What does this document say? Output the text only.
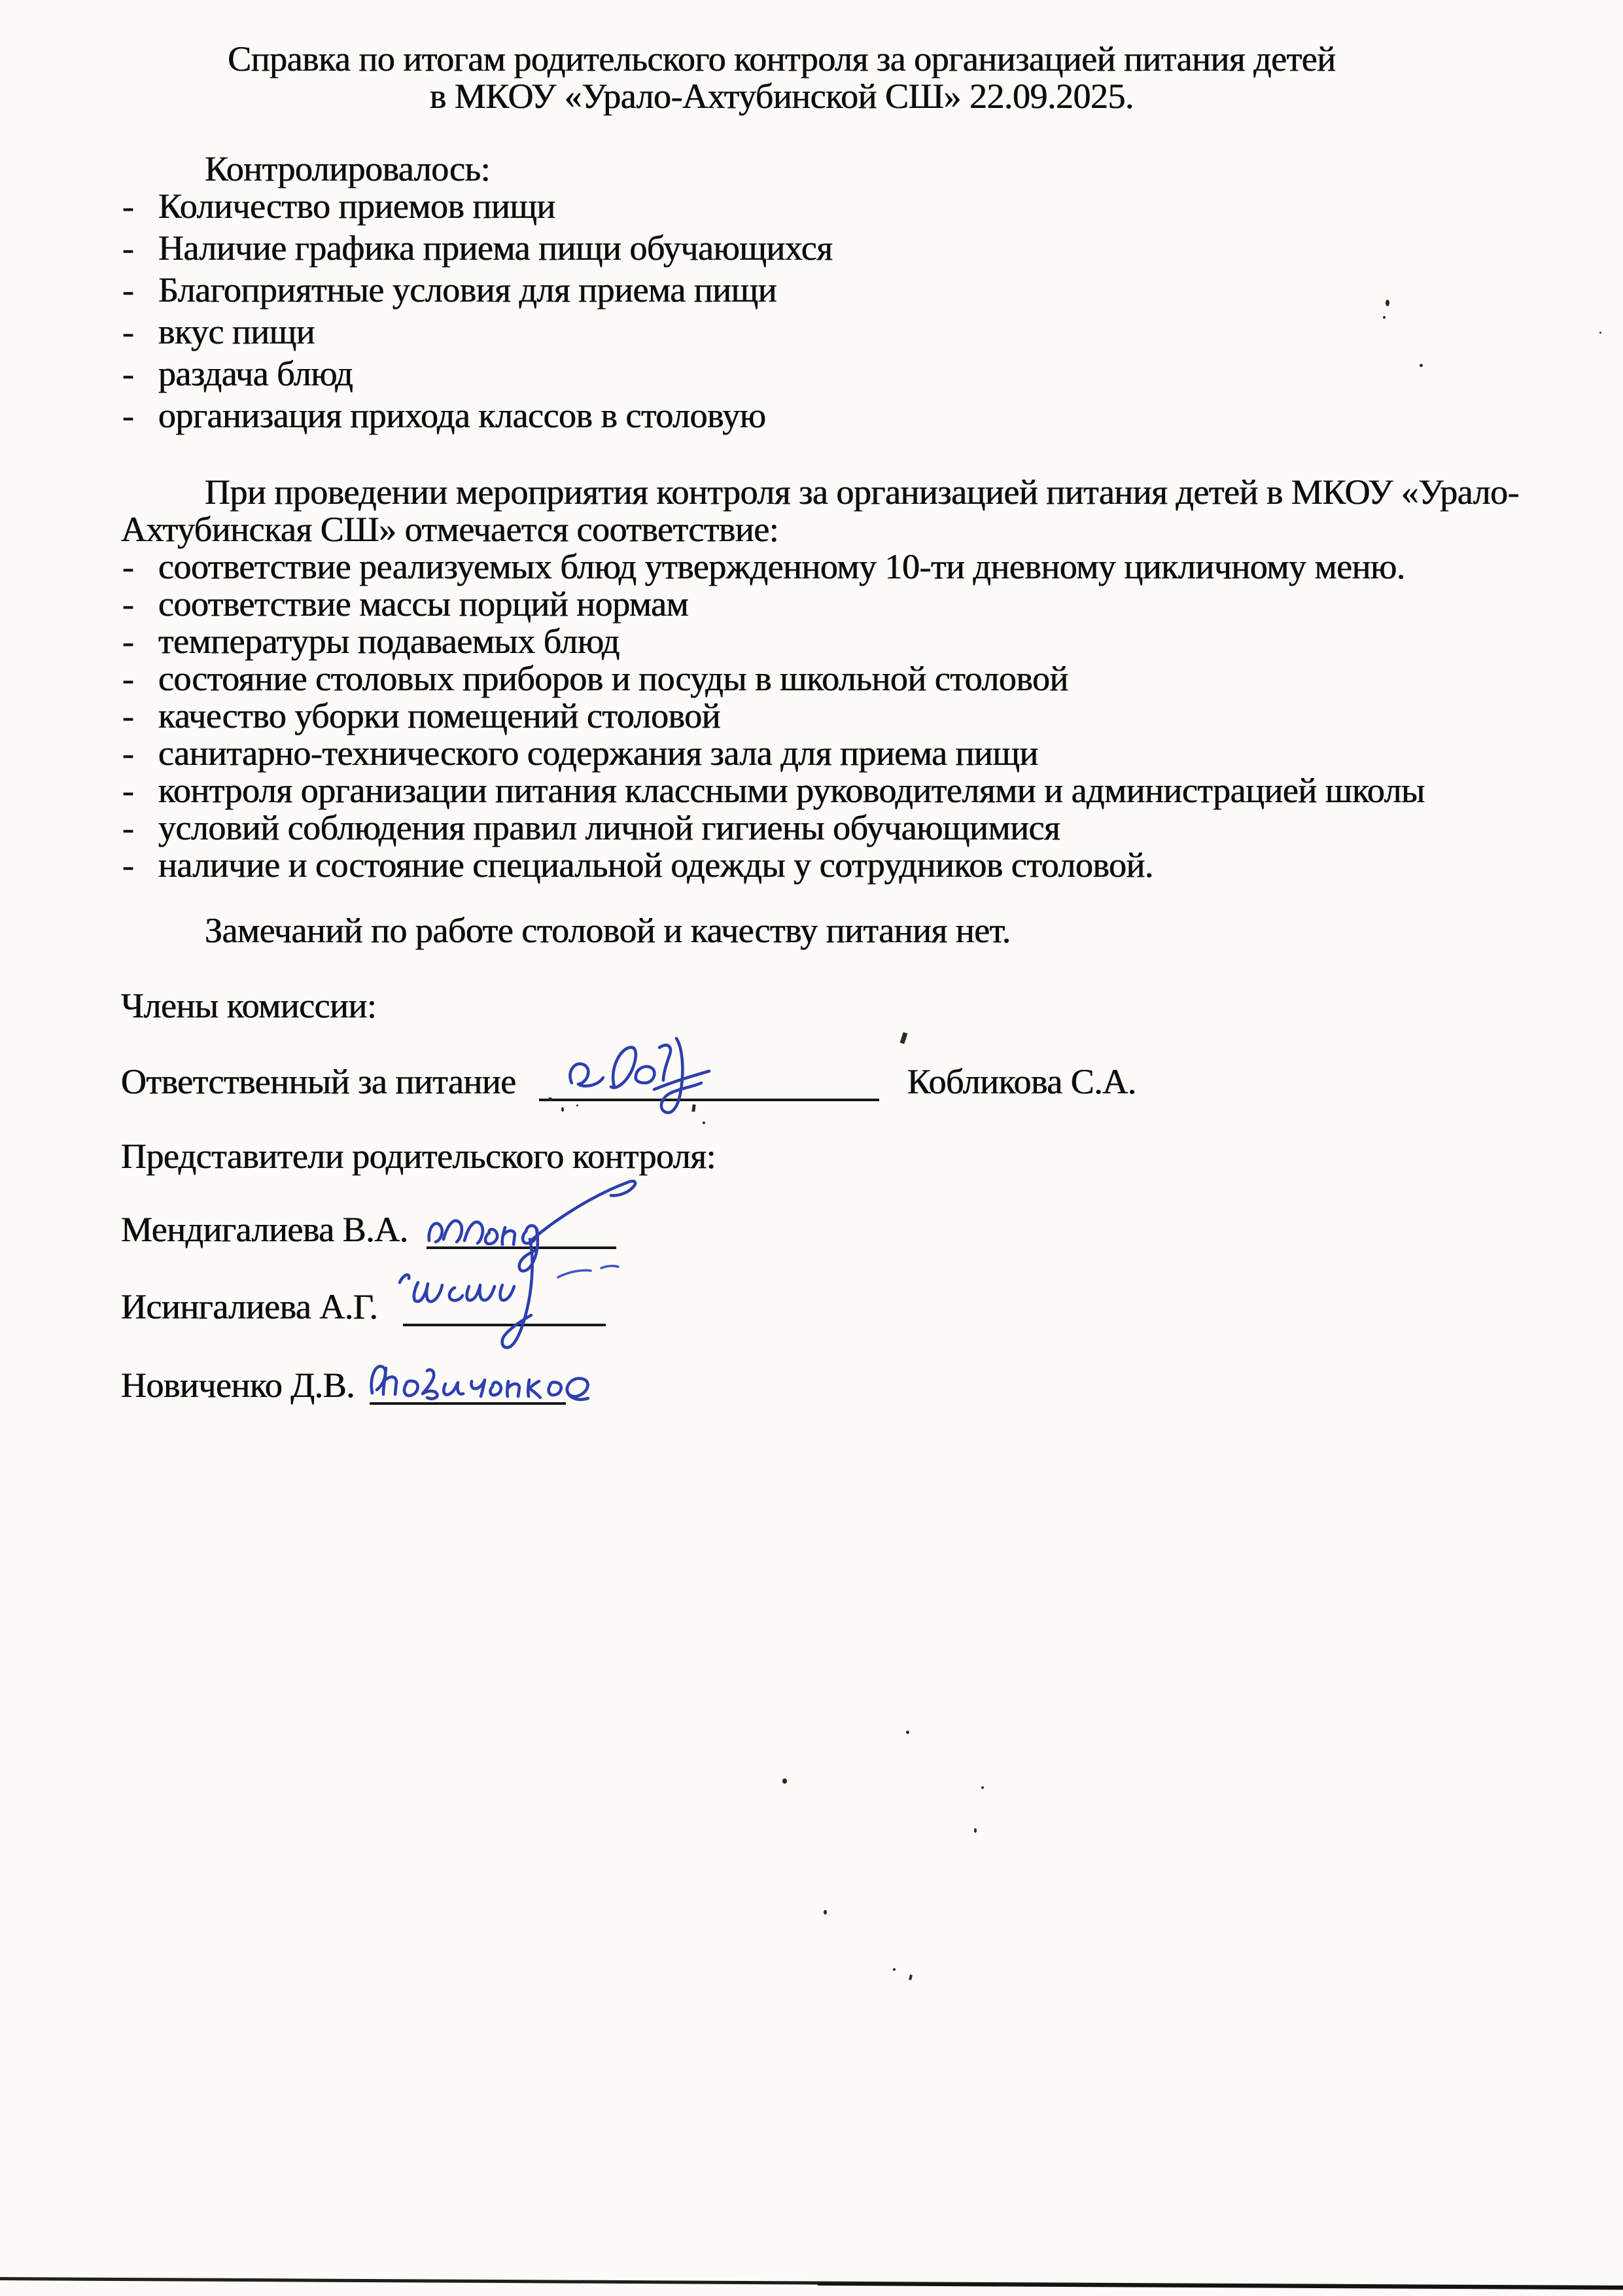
Справка по итогам родительского контроля за организацией питания детей
в МКОУ «Урало-Ахтубинской СШ» 22.09.2025.
Контролировалось:
- Количество приемов пищи
- Наличие графика приема пищи обучающихся
- Благоприятные условия для приема пищи
- вкус пищи
- раздача блюд
- организация прихода классов в столовую

При проведении мероприятия контроля за организацией питания детей в МКОУ «Урало-Ахтубинская СШ» отмечается соответствие:

- соответствие реализуемых блюд утвержденному 10-ти дневному цикличному меню.
- соответствие массы порций нормам
- температуры подаваемых блюд
- состояние столовых приборов и посуды в школьной столовой
- качество уборки помещений столовой
- санитарно-технического содержания зала для приема пищи
- контроля организации питания классными руководителями и администрацией школы
- условий соблюдения правил личной гигиены обучающимися
- наличие и состояние специальной одежды у сотрудников столовой.
Замечаний по работе столовой и качеству питания нет.
Члены комиссии:
Ответственный за питание	Кобликова С.А.
Представители родительского контроля:
Мендигалиева В.А.
Исингалиева А.Г.
Новиченко Д.В.
